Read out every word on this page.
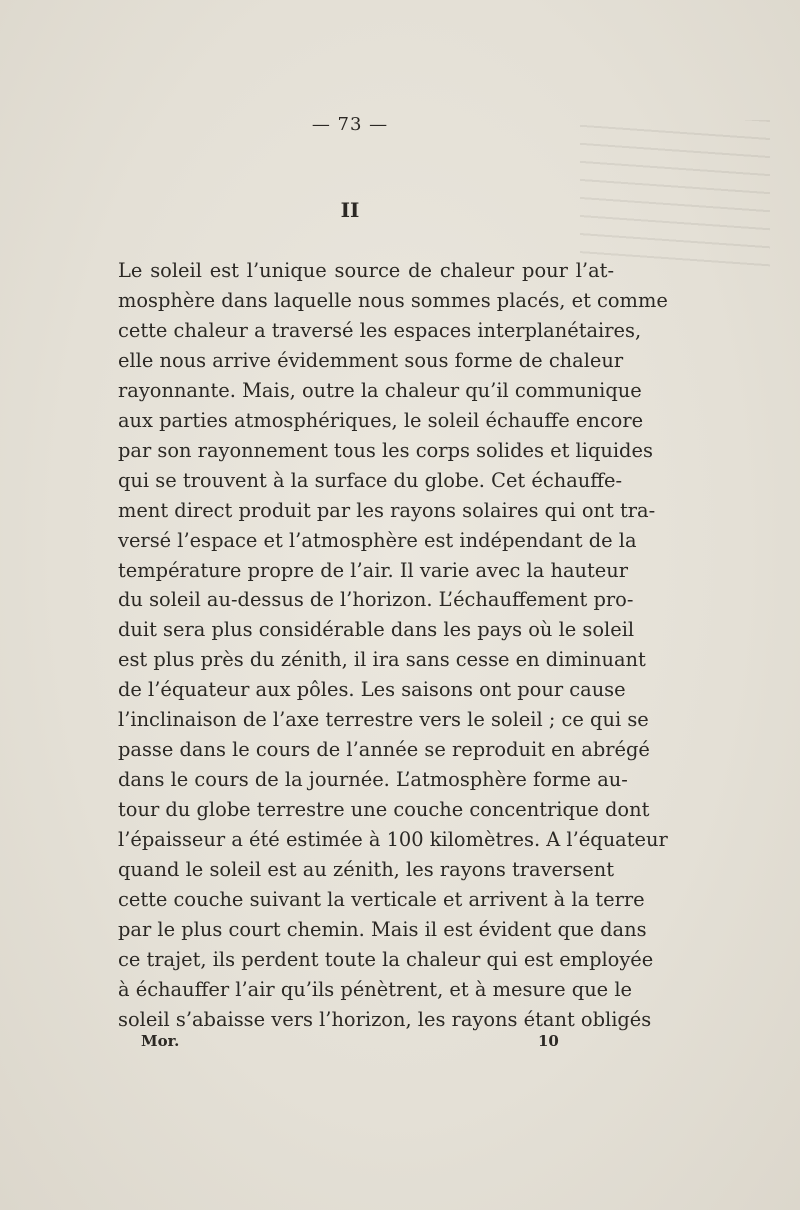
— 73 —
II

Le soleil est l’unique source de chaleur pour l’at-
mosphère dans laquelle nous sommes placés, et comme
cette chaleur a traversé les espaces interplanétaires,
elle nous arrive évidemment sous forme de chaleur
rayonnante. Mais, outre la chaleur qu’il communique
aux parties atmosphériques, le soleil échauffe encore
par son rayonnement tous les corps solides et liquides
qui se trouvent à la surface du globe. Cet échauffe-
ment direct produit par les rayons solaires qui ont tra-
versé l’espace et l’atmosphère est indépendant de la
température propre de l’air. Il varie avec la hauteur
du soleil au-dessus de l’horizon. L’échauffement pro-
duit sera plus considérable dans les pays où le soleil
est plus près du zénith, il ira sans cesse en diminuant
de l’équateur aux pôles. Les saisons ont pour cause
l’inclinaison de l’axe terrestre vers le soleil ; ce qui se
passe dans le cours de l’année se reproduit en abrégé
dans le cours de la journée. L’atmosphère forme au-
tour du globe terrestre une couche concentrique dont
l’épaisseur a été estimée à 100 kilomètres. A l’équateur
quand le soleil est au zénith, les rayons traversent
cette couche suivant la verticale et arrivent à la terre
par le plus court chemin. Mais il est évident que dans
ce trajet, ils perdent toute la chaleur qui est employée
à échauffer l’air qu’ils pénètrent, et à mesure que le
soleil s’abaisse vers l’horizon, les rayons étant obligés

Mor.	10
